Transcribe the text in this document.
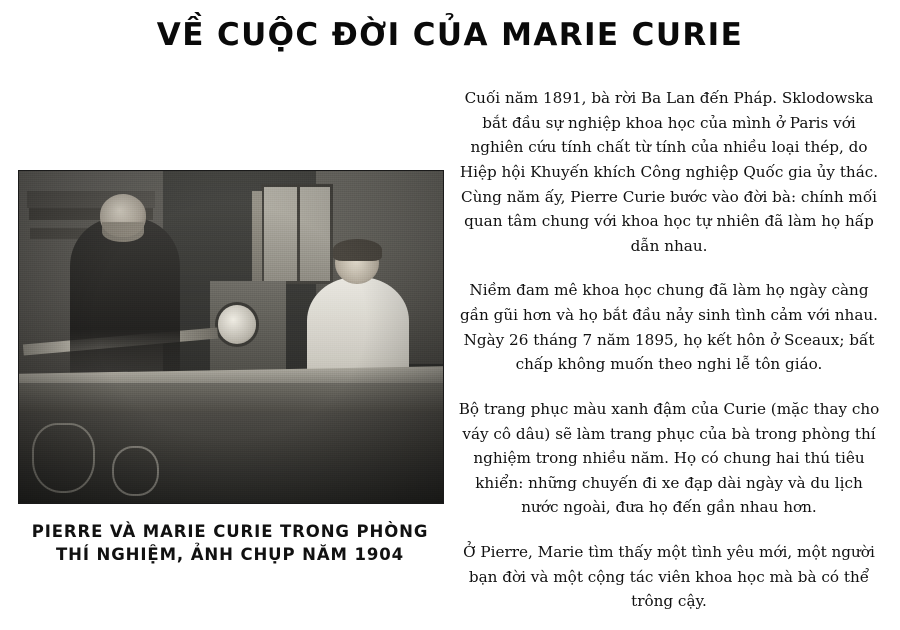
VỀ CUỘC ĐỜI CỦA MARIE CURIE
PIERRE VÀ MARIE CURIE TRONG PHÒNG THÍ NGHIỆM, ẢNH CHỤP NĂM 1904

Cuối năm 1891, bà rời Ba Lan đến Pháp. Sklodowska bắt đầu sự nghiệp khoa học của mình ở Paris với nghiên cứu tính chất từ tính của nhiều loại thép, do Hiệp hội Khuyến khích Công nghiệp Quốc gia ủy thác. Cùng năm ấy, Pierre Curie bước vào đời bà: chính mối quan tâm chung với khoa học tự nhiên đã làm họ hấp dẫn nhau.

Niềm đam mê khoa học chung đã làm họ ngày càng gần gũi hơn và họ bắt đầu nảy sinh tình cảm với nhau. Ngày 26 tháng 7 năm 1895, họ kết hôn ở Sceaux; bất chấp không muốn theo nghi lễ tôn giáo.

Bộ trang phục màu xanh đậm của Curie (mặc thay cho váy cô dâu) sẽ làm trang phục của bà trong phòng thí nghiệm trong nhiều năm. Họ có chung hai thú tiêu khiển: những chuyến đi xe đạp dài ngày và du lịch nước ngoài, đưa họ đến gần nhau hơn.

Ở Pierre, Marie tìm thấy một tình yêu mới, một người bạn đời và một cộng tác viên khoa học mà bà có thể trông cậy.
